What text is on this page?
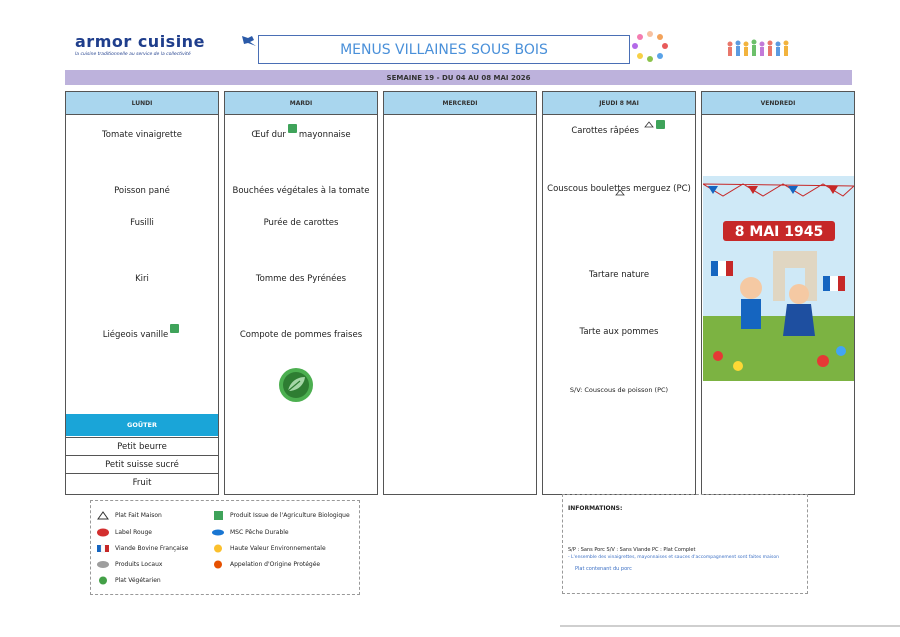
armor cuisine
la cuisine traditionnelle au service de la collectivité	MENUS VILLAINES SOUS BOIS
SEMAINE 19 - DU 04 AU 08 MAI 2026
LUNDI
Tomate vinaigrette
Poisson pané
Fusilli
Kiri
Liégeois vanille
GOÛTER
Petit beurre
Petit suisse sucré
Fruit
MARDI
Œuf dur mayonnaise
Bouchées végétales à la tomate
Purée de carottes
Tomme des Pyrénées
Compote de pommes fraises
MERCREDI	JEUDI 8 MAI
Carottes râpées
Couscous boulettes merguez (PC)
Tartare nature
Tarte aux pommes
S/V: Couscous de poisson (PC)
VENDREDI
8 MAI 1945
Plat Fait Maison
Label Rouge
Viande Bovine Française
Produits Locaux
Plat Végétarien
Produit Issue de l'Agriculture Biologique
MSC Pêche Durable
Haute Valeur Environnementale
Appelation d'Origine Protégée
INFORMATIONS:
S/P : Sans Porc S/V : Sans Viande PC : Plat Complet
- L'ensemble des vinaigrettes, mayonnaises et sauces d'accompagnement sont faites maison
Plat contenant du porc
